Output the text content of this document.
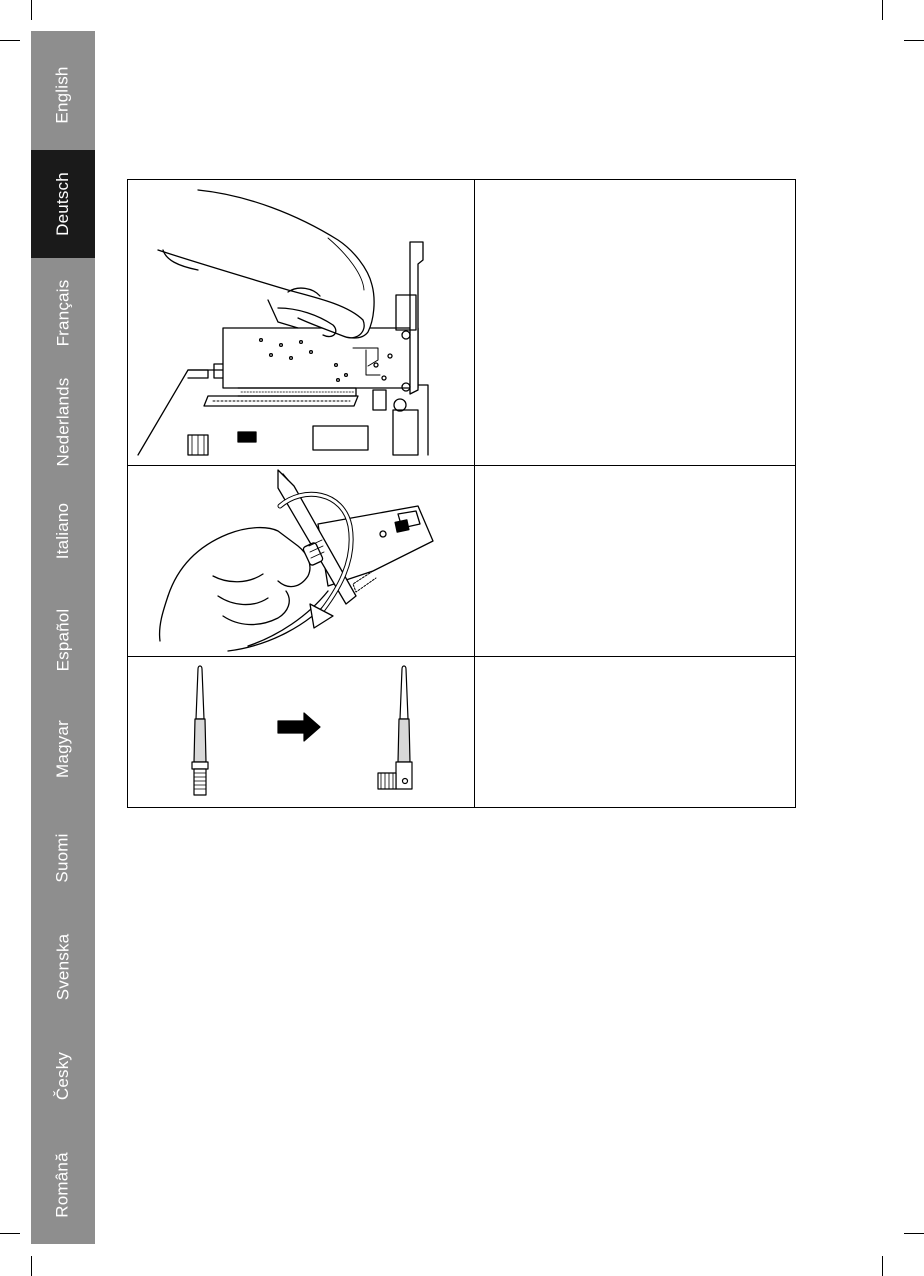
English
Deutsch
Français
Nederlands
Italiano
Español
Magyar
Suomi
Svenska
Česky
Română
